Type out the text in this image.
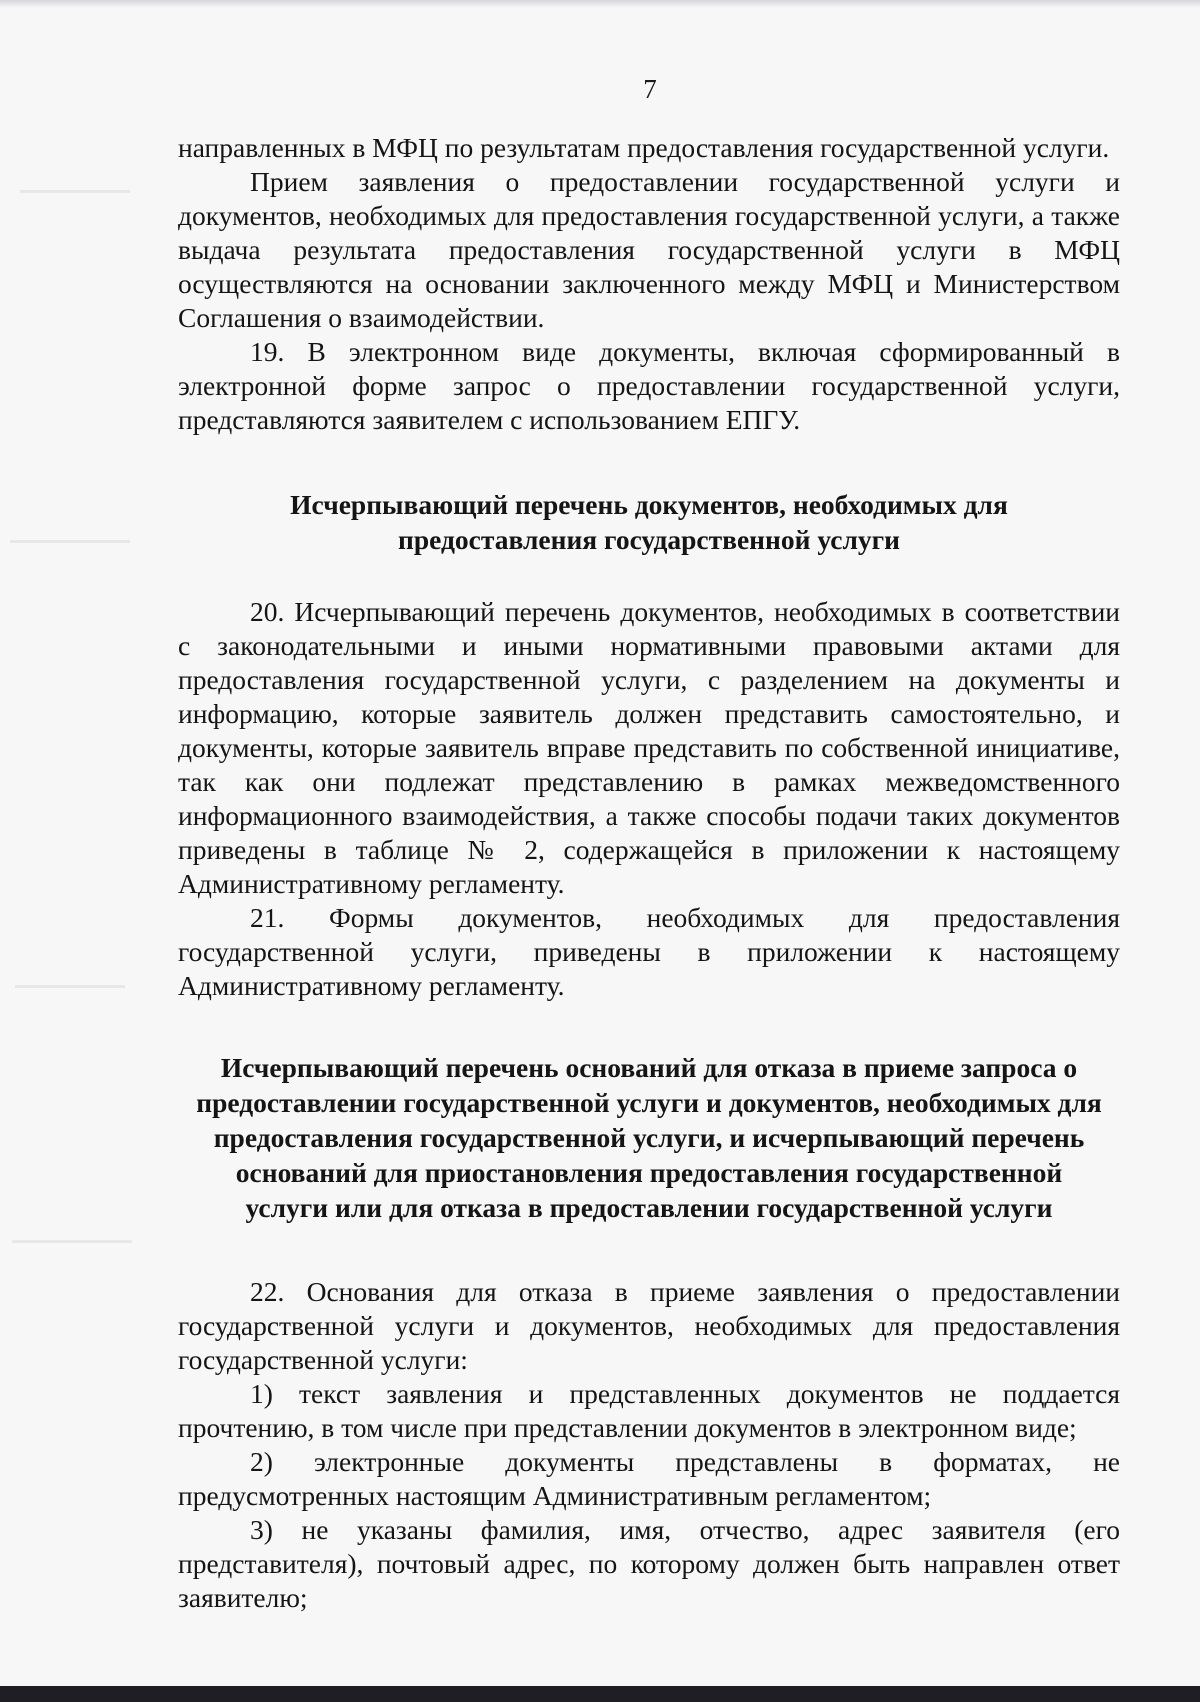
7

направленных в МФЦ по результатам предоставления государственной услуги.

Прием заявления о предоставлении государственной услуги и документов, необходимых для предоставления государственной услуги, а также выдача результата предоставления государственной услуги в МФЦ осуществляются на основании заключенного между МФЦ и Министерством Соглашения о взаимодействии.

19. В электронном виде документы, включая сформированный в электронной форме запрос о предоставлении государственной услуги, представляются заявителем с использованием ЕПГУ.

Исчерпывающий перечень документов, необходимых для
предоставления государственной услуги

20. Исчерпывающий перечень документов, необходимых в соответствии с законодательными и иными нормативными правовыми актами для предоставления государственной услуги, с разделением на документы и информацию, которые заявитель должен представить самостоятельно, и документы, которые заявитель вправе представить по собственной инициативе, так как они подлежат представлению в рамках межведомственного информационного взаимодействия, а также способы подачи таких документов приведены в таблице № 2, содержащейся в приложении к настоящему Административному регламенту.

21. Формы документов, необходимых для предоставления государственной услуги, приведены в приложении к настоящему Административному регламенту.

Исчерпывающий перечень оснований для отказа в приеме запроса о
предоставлении государственной услуги и документов, необходимых для
предоставления государственной услуги, и исчерпывающий перечень
оснований для приостановления предоставления государственной
услуги или для отказа в предоставлении государственной услуги

22. Основания для отказа в приеме заявления о предоставлении государственной услуги и документов, необходимых для предоставления государственной услуги:

1) текст заявления и представленных документов не поддается прочтению, в том числе при представлении документов в электронном виде;

2) электронные документы представлены в форматах, не предусмотренных настоящим Административным регламентом;

3) не указаны фамилия, имя, отчество, адрес заявителя (его представителя), почтовый адрес, по которому должен быть направлен ответ заявителю;
